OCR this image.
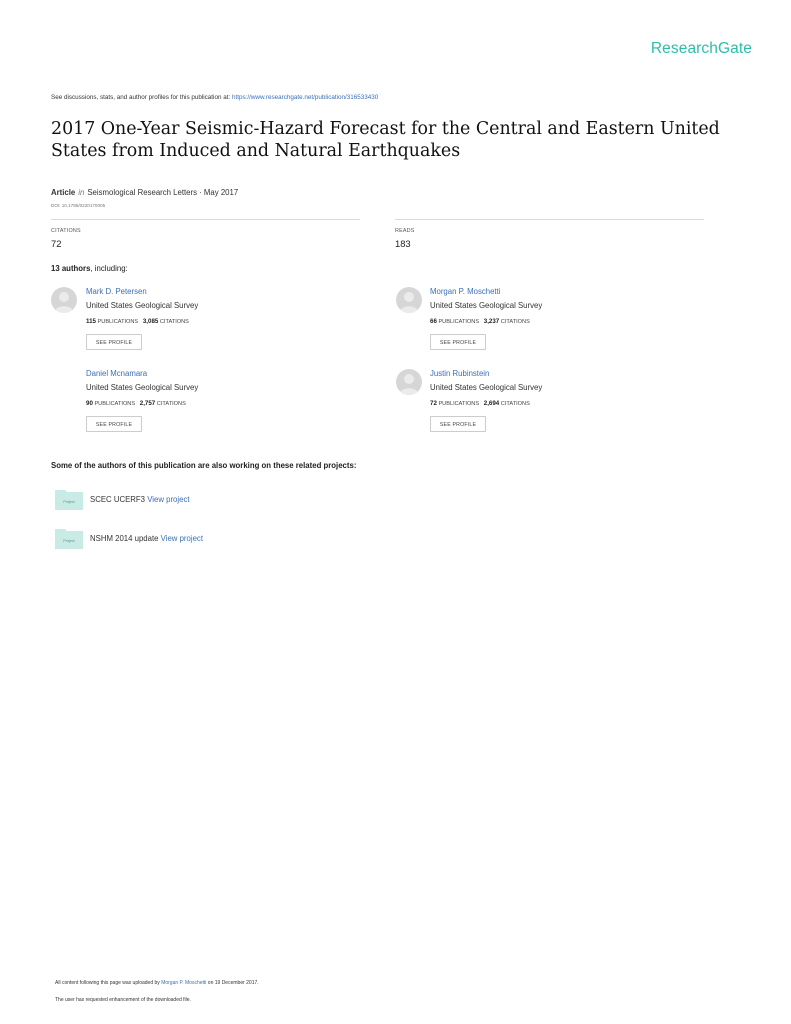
ResearchGate
See discussions, stats, and author profiles for this publication at: https://www.researchgate.net/publication/316533430
2017 One-Year Seismic-Hazard Forecast for the Central and Eastern United States from Induced and Natural Earthquakes
Article in Seismological Research Letters · May 2017
DOI: 10.1785/0220170005
CITATIONS
72
READS
183
13 authors, including:
Mark D. Petersen
United States Geological Survey
115 PUBLICATIONS 3,085 CITATIONS
SEE PROFILE
Morgan P. Moschetti
United States Geological Survey
66 PUBLICATIONS 3,237 CITATIONS
SEE PROFILE
Daniel Mcnamara
United States Geological Survey
90 PUBLICATIONS 2,757 CITATIONS
SEE PROFILE
Justin Rubinstein
United States Geological Survey
72 PUBLICATIONS 2,694 CITATIONS
SEE PROFILE
Some of the authors of this publication are also working on these related projects:
Project SCEC UCERF3 View project
Project NSHM 2014 update View project
All content following this page was uploaded by Morgan P. Moschetti on 19 December 2017.
The user has requested enhancement of the downloaded file.
